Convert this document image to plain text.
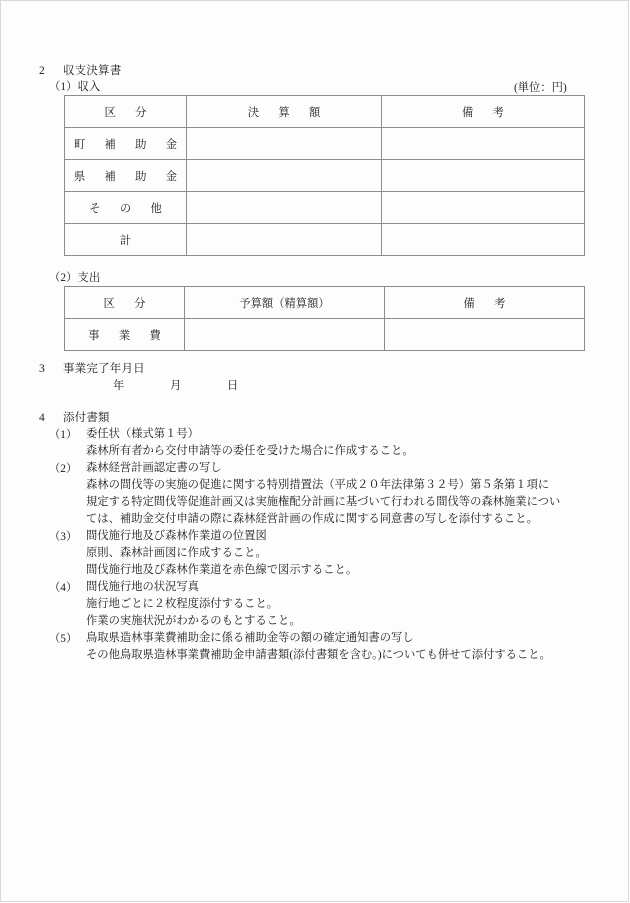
2 収支決算書
（1）収入	(単位：円)
区　分	決　算　額	備　考
町　補　助　金		
県　補　助　金		
そ　の　他		
計		
（2）支出
区　分	予算額（精算額）	備　考
事　業　費		
3 事業完了年月日
年　　　　月　　　　日
4 添付書類
（1） 委任状（様式第１号）
森林所有者から交付申請等の委任を受けた場合に作成すること。
（2） 森林経営計画認定書の写し
森林の間伐等の実施の促進に関する特別措置法（平成２０年法律第３２号）第５条第１項に
規定する特定間伐等促進計画又は実施権配分計画に基づいて行われる間伐等の森林施業につい
ては、補助金交付申請の際に森林経営計画の作成に関する同意書の写しを添付すること。
（3） 間伐施行地及び森林作業道の位置図
原則、森林計画図に作成すること。
間伐施行地及び森林作業道を赤色線で図示すること。
（4） 間伐施行地の状況写真
施行地ごとに２枚程度添付すること。
作業の実施状況がわかるのもとすること。
（5） 鳥取県造林事業費補助金に係る補助金等の額の確定通知書の写し
その他鳥取県造林事業費補助金申請書類(添付書類を含む。)についても併せて添付すること。
